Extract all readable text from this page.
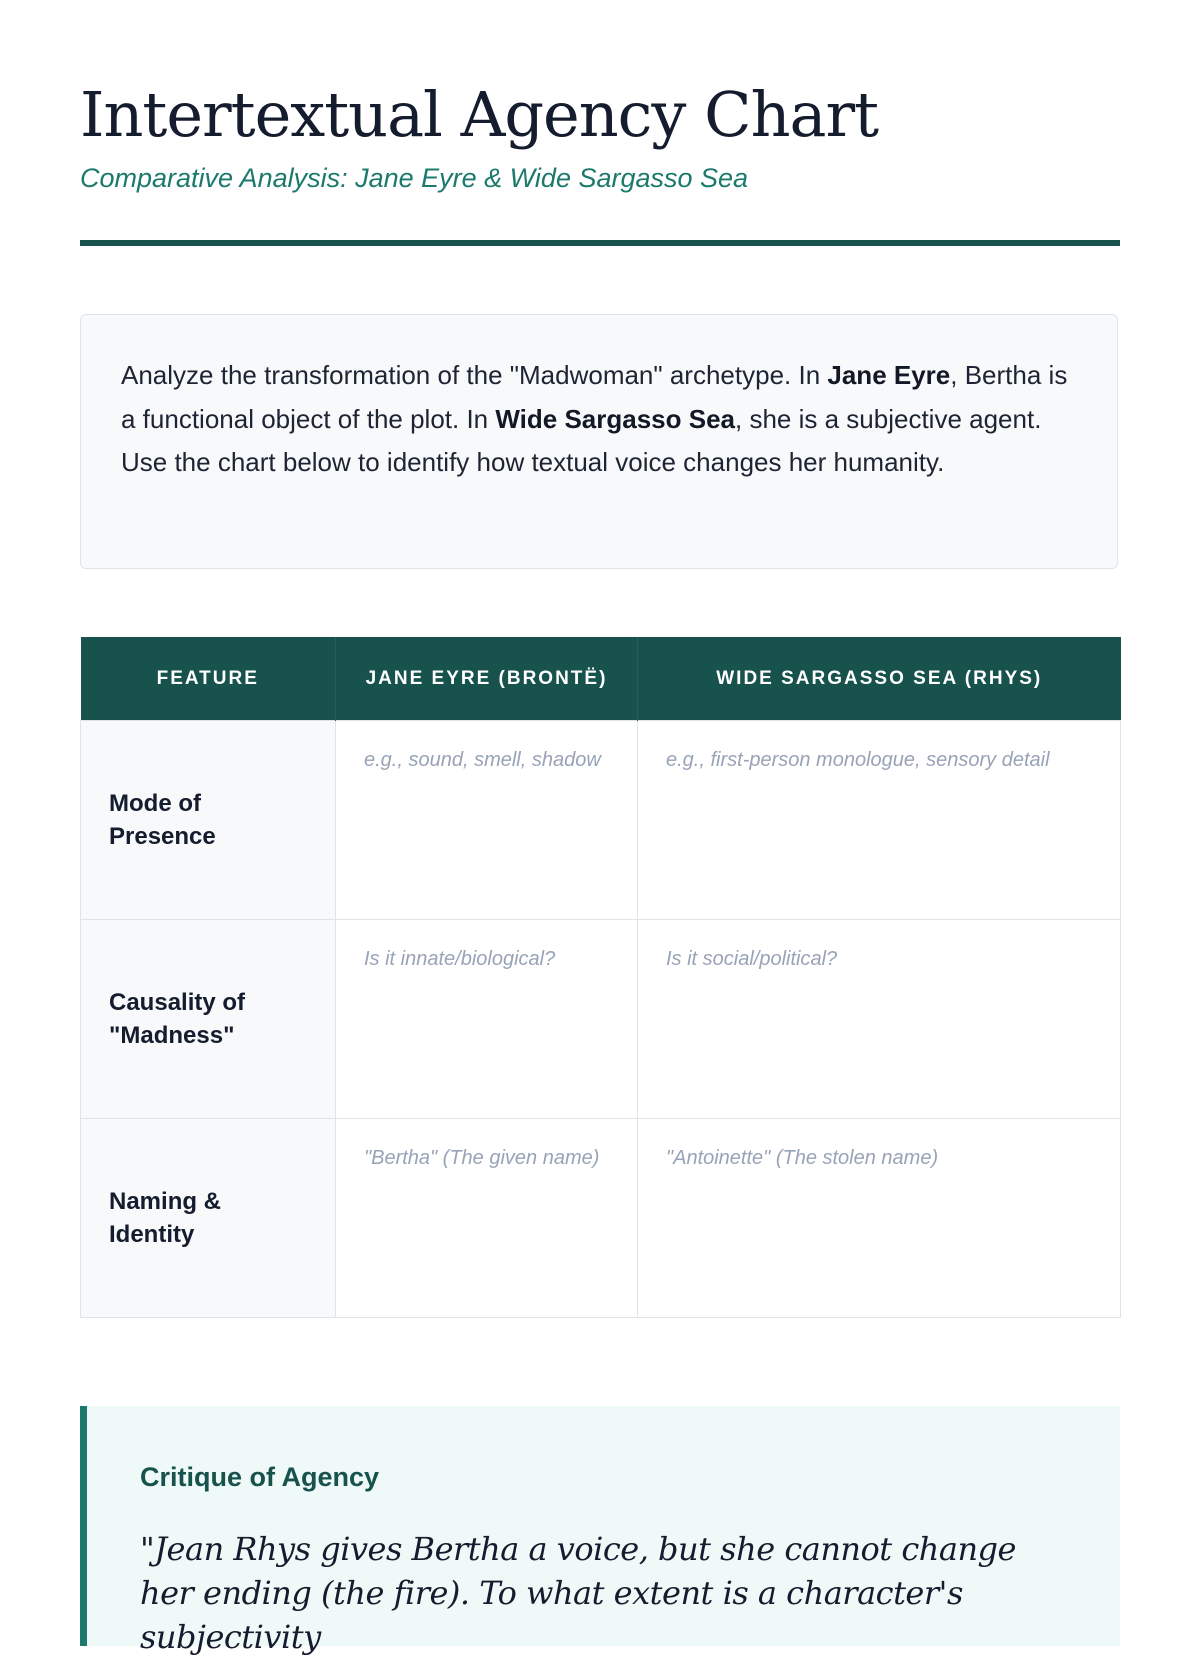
Intertextual Agency Chart
Comparative Analysis: Jane Eyre & Wide Sargasso Sea
Analyze the transformation of the "Madwoman" archetype. In Jane Eyre, Bertha is a functional object of the plot. In Wide Sargasso Sea, she is a subjective agent. Use the chart below to identify how textual voice changes her humanity.
FEATURE	JANE EYRE (BRONTË)	WIDE SARGASSO SEA (RHYS)
Mode of Presence	e.g., sound, smell, shadow	e.g., first-person monologue, sensory detail
Causality of "Madness"	Is it innate/biological?	Is it social/political?
Naming & Identity	"Bertha" (The given name)	"Antoinette" (The stolen name)
Critique of Agency

"Jean Rhys gives Bertha a voice, but she cannot change her ending (the fire). To what extent is a character's subjectivity
